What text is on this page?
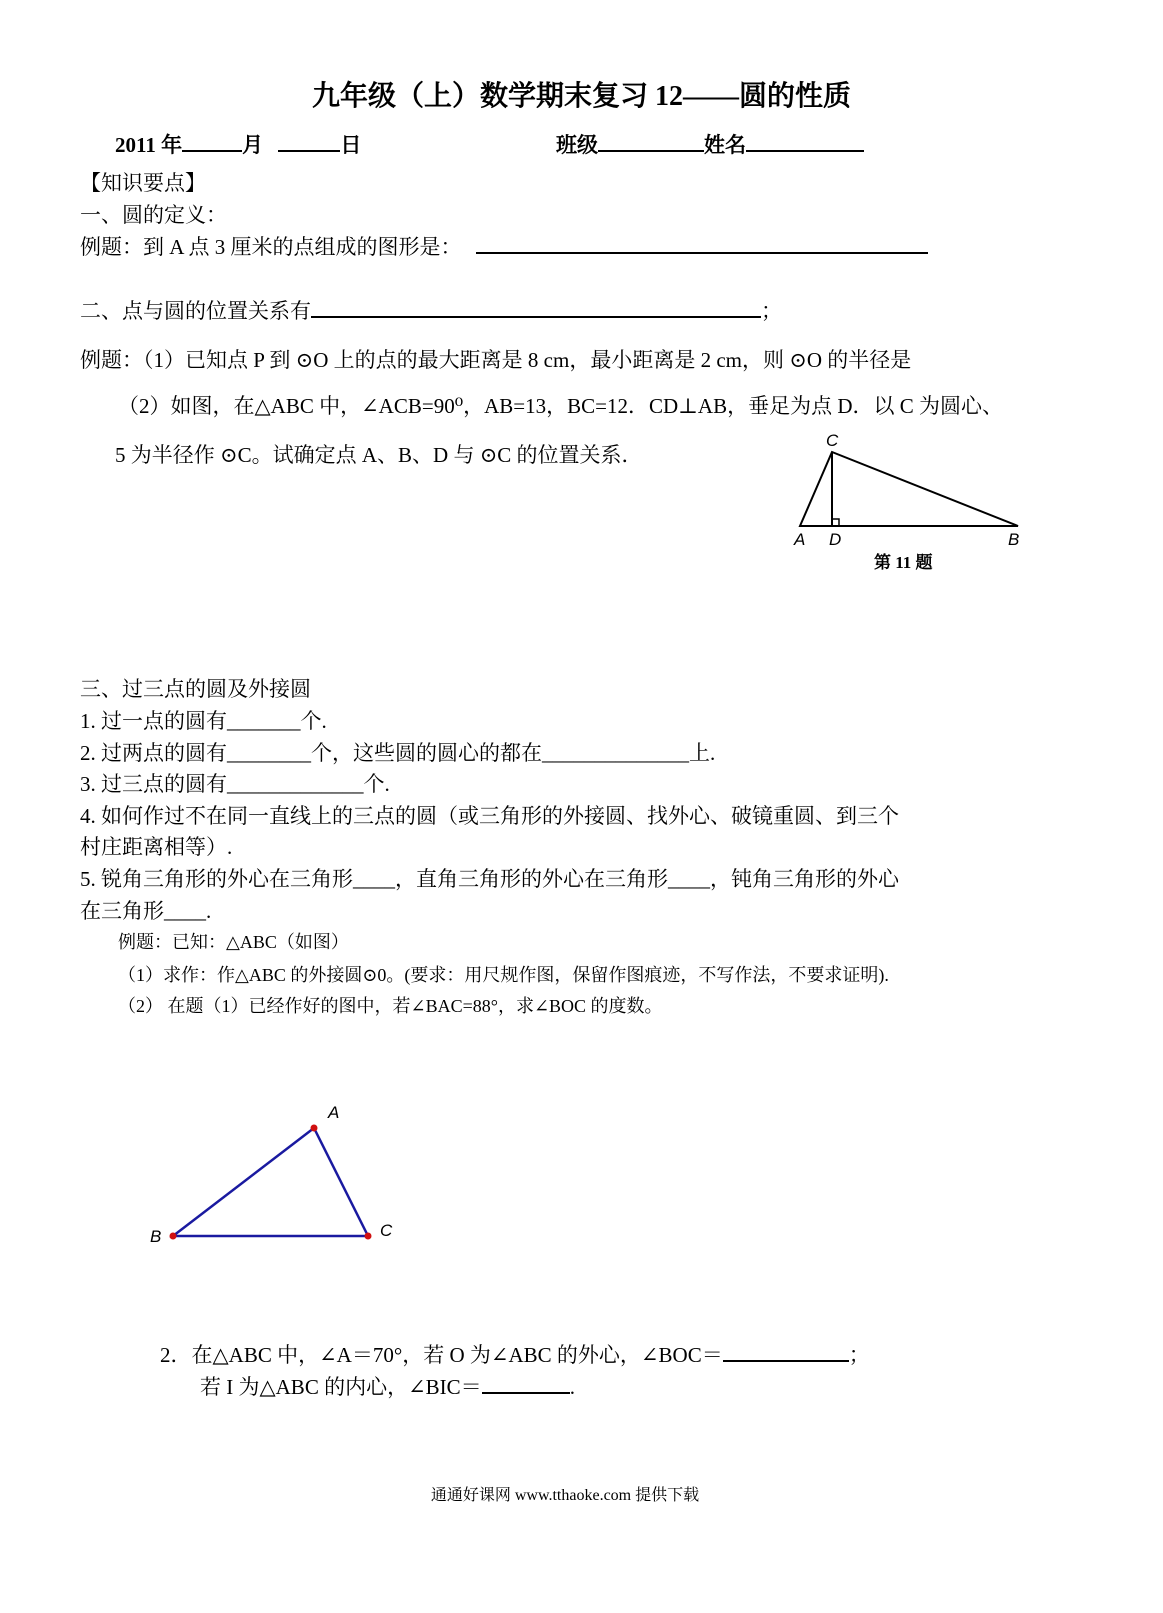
九年级（上）数学期末复习 12——圆的性质
2011 年	月	日	班级	姓名
【知识要点】
一、圆的定义：
例题：到 A 点 3 厘米的点组成的图形是：
二、点与圆的位置关系有	；
例题：（1）已知点 P 到 ⊙O 上的点的最大距离是 8 cm，最小距离是 2 cm，则 ⊙O 的半径是
（2）如图，在△ABC 中，∠ACB=90⁰，AB=13，BC=12．CD⊥AB，垂足为点 D．以 C 为圆心、
5 为半径作 ⊙C。试确定点 A、B、D 与 ⊙C 的位置关系．
C
A D	B
第 11 题
A
B	C
三、过三点的圆及外接圆
1. 过一点的圆有_______个.
2. 过两点的圆有________个，这些圆的圆心的都在______________上.
3. 过三点的圆有_____________个.
4. 如何作过不在同一直线上的三点的圆（或三角形的外接圆、找外心、破镜重圆、到三个
村庄距离相等）.
5. 锐角三角形的外心在三角形____，直角三角形的外心在三角形____，钝角三角形的外心
在三角形____.
例题：已知：△ABC（如图）
（1）求作：作△ABC 的外接圆⊙0。(要求：用尺规作图，保留作图痕迹，不写作法，不要求证明).
（2） 在题（1）已经作好的图中，若∠BAC=88°，求∠BOC 的度数。
2．在△ABC 中，∠A＝70°，若 O 为∠ABC 的外心，∠BOC＝	；
若 I 为△ABC 的内心，∠BIC＝	.
通通好课网 www.tthaoke.com 提供下载
